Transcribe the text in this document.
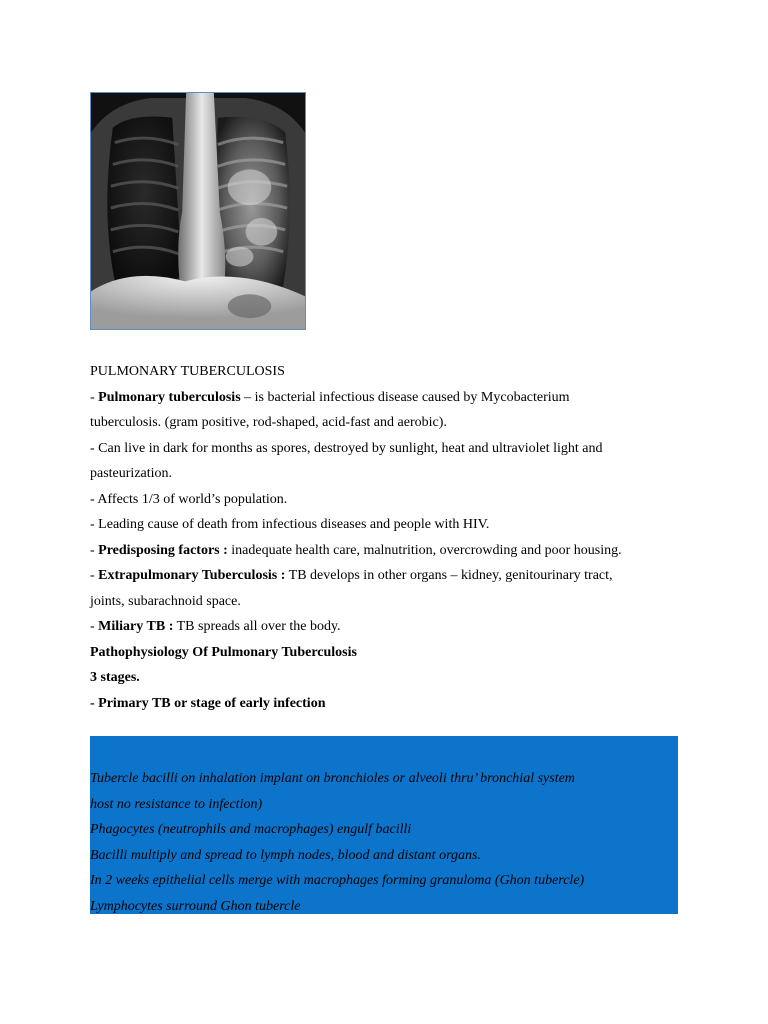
PULMONARY TUBERCULOSIS

- Pulmonary tuberculosis – is bacterial infectious disease caused by Mycobacterium

tuberculosis. (gram positive, rod-shaped, acid-fast and aerobic).

- Can live in dark for months as spores, destroyed by sunlight, heat and ultraviolet light and

pasteurization.

- Affects 1/3 of world’s population.

- Leading cause of death from infectious diseases and people with HIV.

- Predisposing factors : inadequate health care, malnutrition, overcrowding and poor housing.

- Extrapulmonary Tuberculosis : TB develops in other organs – kidney, genitourinary tract,

joints, subarachnoid space.

- Miliary TB : TB spreads all over the body.

Pathophysiology Of Pulmonary Tuberculosis

3 stages.

- Primary TB or stage of early infection

Tubercle bacilli on inhalation implant on bronchioles or alveoli thru’ bronchial system

host no resistance to infection)

Phagocytes (neutrophils and macrophages) engulf bacilli

Bacilli multiply and spread to lymph nodes, blood and distant organs.

In 2 weeks epithelial cells merge with macrophages forming granuloma (Ghon tubercle)

Lymphocytes surround Ghon tubercle
